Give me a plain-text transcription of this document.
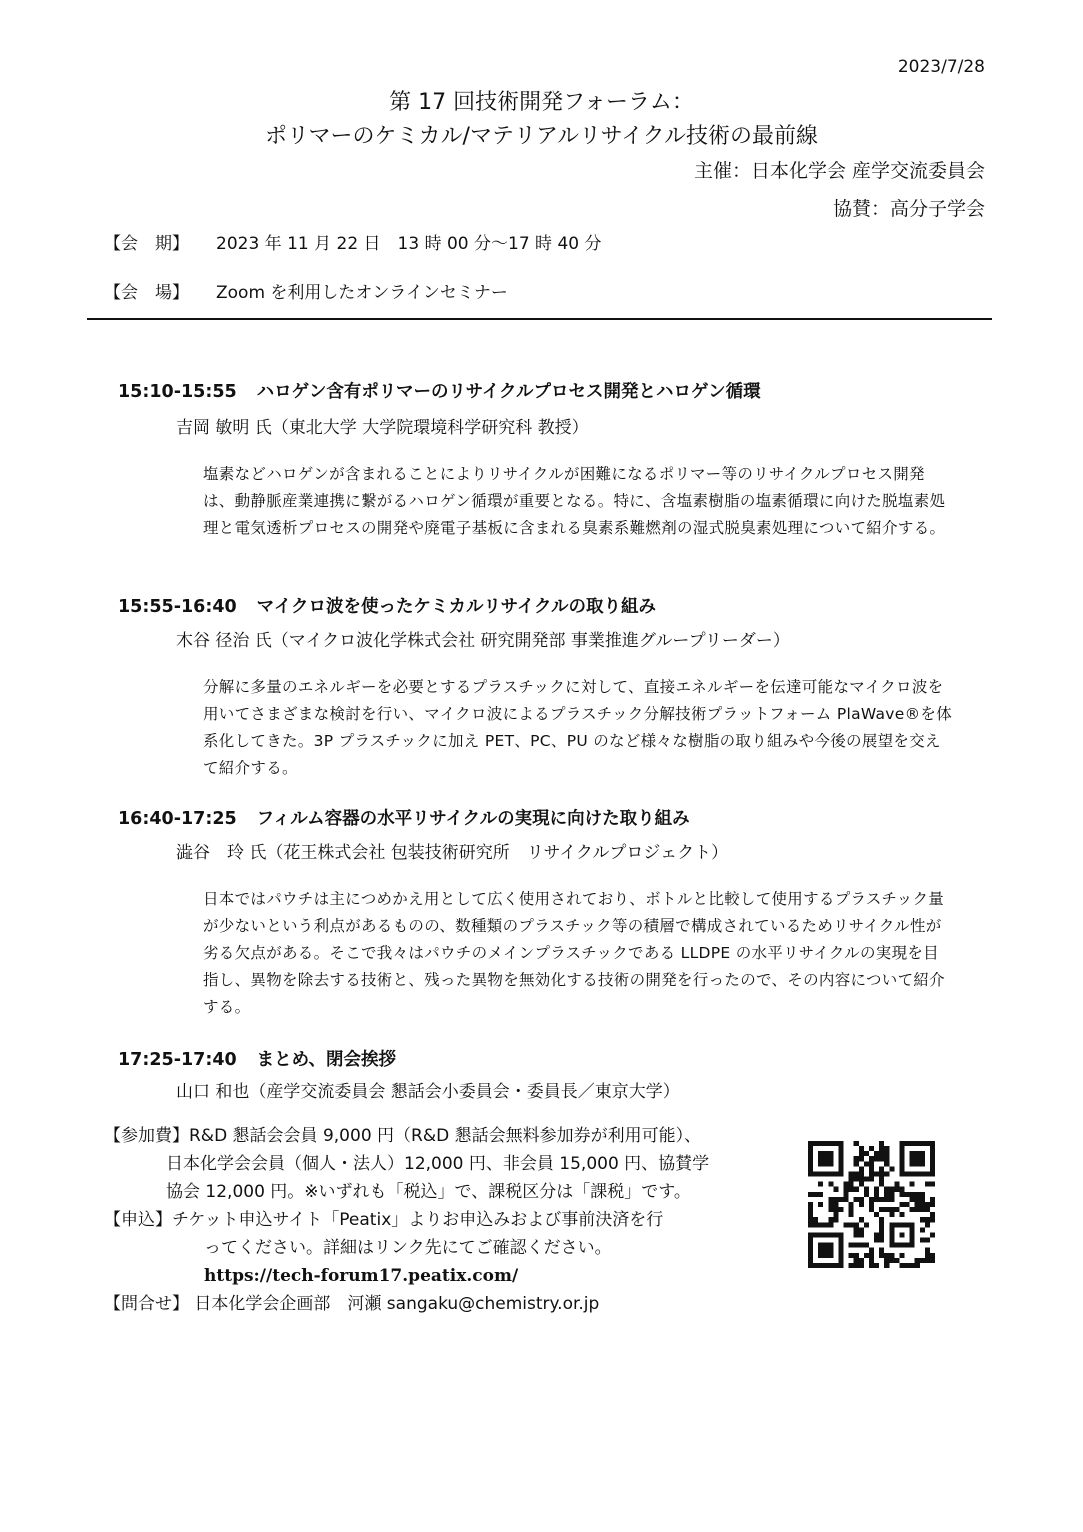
2023/7/28
第 17 回技術開発フォーラム：
ポリマーのケミカル/マテリアルリサイクル技術の最前線
主催：日本化学会 産学交流委員会
協賛：高分子学会
【会　期】 2023 年 11 月 22 日　13 時 00 分～17 時 40 分
【会　場】 Zoom を利用したオンラインセミナー
15:10-15:55 ハロゲン含有ポリマーのリサイクルプロセス開発とハロゲン循環
吉岡 敏明 氏（東北大学 大学院環境科学研究科 教授）

塩素などハロゲンが含まれることによりリサイクルが困難になるポリマー等のリサイクルプロセス開発は、動静脈産業連携に繋がるハロゲン循環が重要となる。特に、含塩素樹脂の塩素循環に向けた脱塩素処理と電気透析プロセスの開発や廃電子基板に含まれる臭素系難燃剤の湿式脱臭素処理について紹介する。

15:55-16:40 マイクロ波を使ったケミカルリサイクルの取り組み
木谷 径治 氏（マイクロ波化学株式会社 研究開発部 事業推進グループリーダー）

分解に多量のエネルギーを必要とするプラスチックに対して、直接エネルギーを伝達可能なマイクロ波を用いてさまざまな検討を行い、マイクロ波によるプラスチック分解技術プラットフォーム PlaWave®を体系化してきた。3P プラスチックに加え PET、PC、PU のなど様々な樹脂の取り組みや今後の展望を交えて紹介する。

16:40-17:25 フィルム容器の水平リサイクルの実現に向けた取り組み
澁谷　玲 氏（花王株式会社 包装技術研究所　リサイクルプロジェクト）

日本ではパウチは主につめかえ用として広く使用されており、ボトルと比較して使用するプラスチック量が少ないという利点があるものの、数種類のプラスチック等の積層で構成されているためリサイクル性が劣る欠点がある。そこで我々はパウチのメインプラスチックである LLDPE の水平リサイクルの実現を目指し、異物を除去する技術と、残った異物を無効化する技術の開発を行ったので、その内容について紹介する。

17:25-17:40 まとめ、閉会挨拶
山口 和也（産学交流委員会 懇話会小委員会・委員長／東京大学）
【参加費】R&D 懇話会会員 9,000 円（R&D 懇話会無料参加券が利用可能）、
日本化学会会員（個人・法人）12,000 円、非会員 15,000 円、協賛学
協会 12,000 円。※いずれも「税込」で、課税区分は「課税」です。
【申込】チケット申込サイト「Peatix」よりお申込みおよび事前決済を行
ってください。詳細はリンク先にてご確認ください。
https://tech-forum17.peatix.com/
【問合せ】 日本化学会企画部　河瀬 sangaku@chemistry.or.jp
